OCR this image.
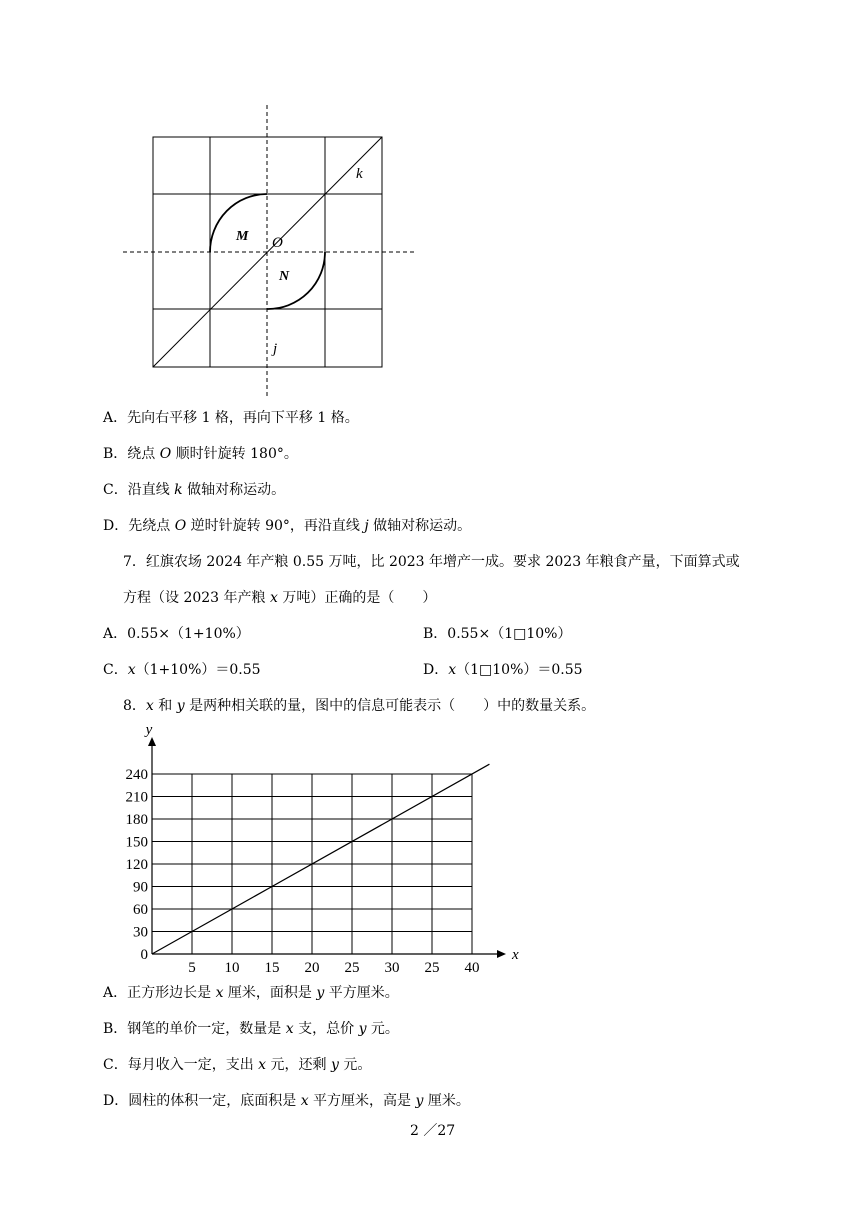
k
M O
N
j
A．先向右平移 1 格，再向下平移 1 格。
B．绕点 O 顺时针旋转 180°。
C．沿直线 k 做轴对称运动。
D．先绕点 O 逆时针旋转 90°，再沿直线 j 做轴对称运动。
7．红旗农场 2024 年产粮 0.55 万吨，比 2023 年增产一成。要求 2023 年粮食产量，下面算式或
方程（设 2023 年产粮 x 万吨）正确的是（　　）
A．0.55×（1+10%）	B．0.55×（1□10%）
C．x（1+10%）＝0.55	D．x（1□10%）＝0.55
8．x 和 y 是两种相关联的量，图中的信息可能表示（　　）中的数量关系。
5 10 15 20 25 30 25 40
30
60
90
120
150
180
210
240
0	x
y
A．正方形边长是 x 厘米，面积是 y 平方厘米。
B．钢笔的单价一定，数量是 x 支，总价 y 元。
C．每月收入一定，支出 x 元，还剩 y 元。
D．圆柱的体积一定，底面积是 x 平方厘米，高是 y 厘米。
2 ／27
